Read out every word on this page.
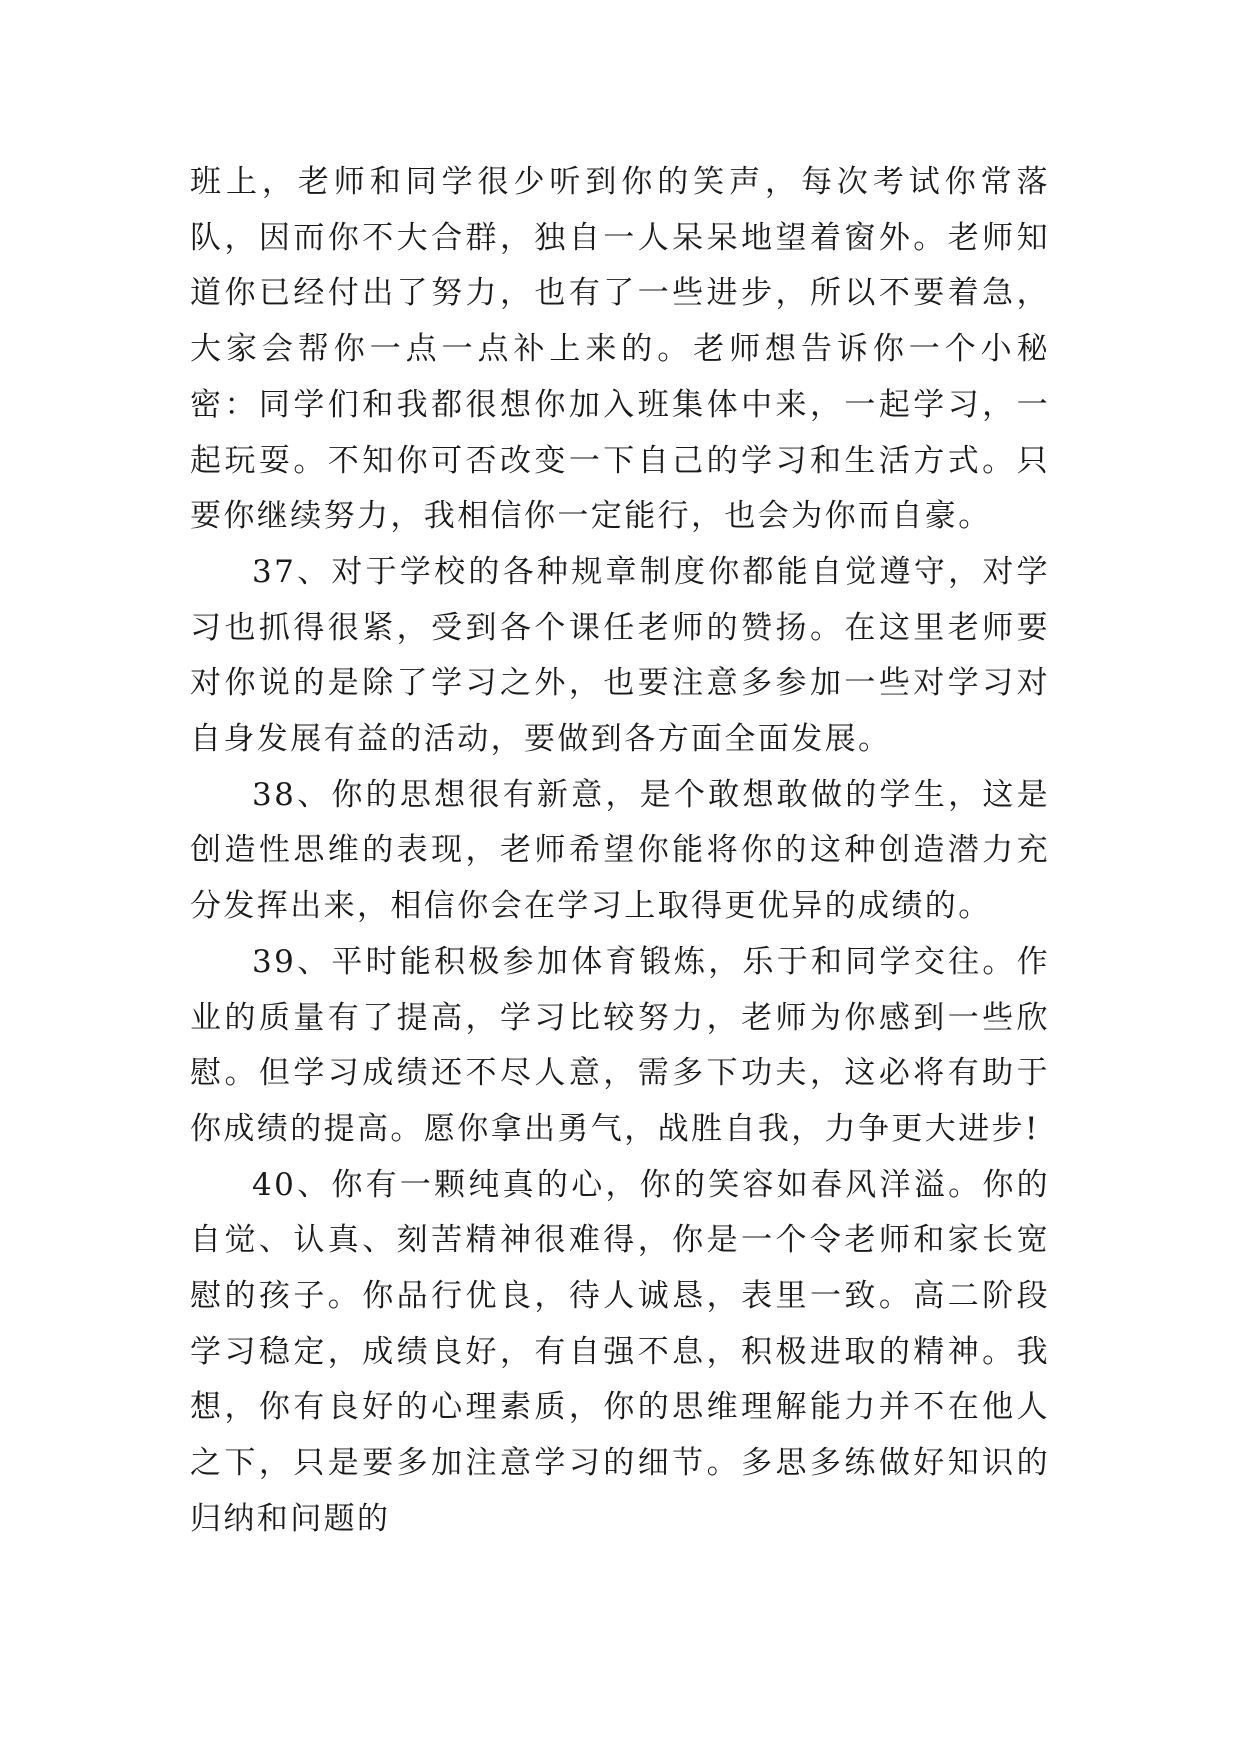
班上，老师和同学很少听到你的笑声，每次考试你常落队，因而你不大合群，独自一人呆呆地望着窗外。老师知道你已经付出了努力，也有了一些进步，所以不要着急，大家会帮你一点一点补上来的。老师想告诉你一个小秘密：同学们和我都很想你加入班集体中来，一起学习，一起玩耍。不知你可否改变一下自己的学习和生活方式。只要你继续努力，我相信你一定能行，也会为你而自豪。

37、对于学校的各种规章制度你都能自觉遵守，对学习也抓得很紧，受到各个课任老师的赞扬。在这里老师要对你说的是除了学习之外，也要注意多参加一些对学习对自身发展有益的活动，要做到各方面全面发展。

38、你的思想很有新意，是个敢想敢做的学生，这是创造性思维的表现，老师希望你能将你的这种创造潜力充分发挥出来，相信你会在学习上取得更优异的成绩的。

39、平时能积极参加体育锻炼，乐于和同学交往。作业的质量有了提高，学习比较努力，老师为你感到一些欣慰。但学习成绩还不尽人意，需多下功夫，这必将有助于你成绩的提高。愿你拿出勇气，战胜自我，力争更大进步!

40、你有一颗纯真的心，你的笑容如春风洋溢。你的自觉、认真、刻苦精神很难得，你是一个令老师和家长宽慰的孩子。你品行优良，待人诚恳，表里一致。高二阶段学习稳定，成绩良好，有自强不息，积极进取的精神。我想，你有良好的心理素质，你的思维理解能力并不在他人之下，只是要多加注意学习的细节。多思多练做好知识的归纳和问题的
